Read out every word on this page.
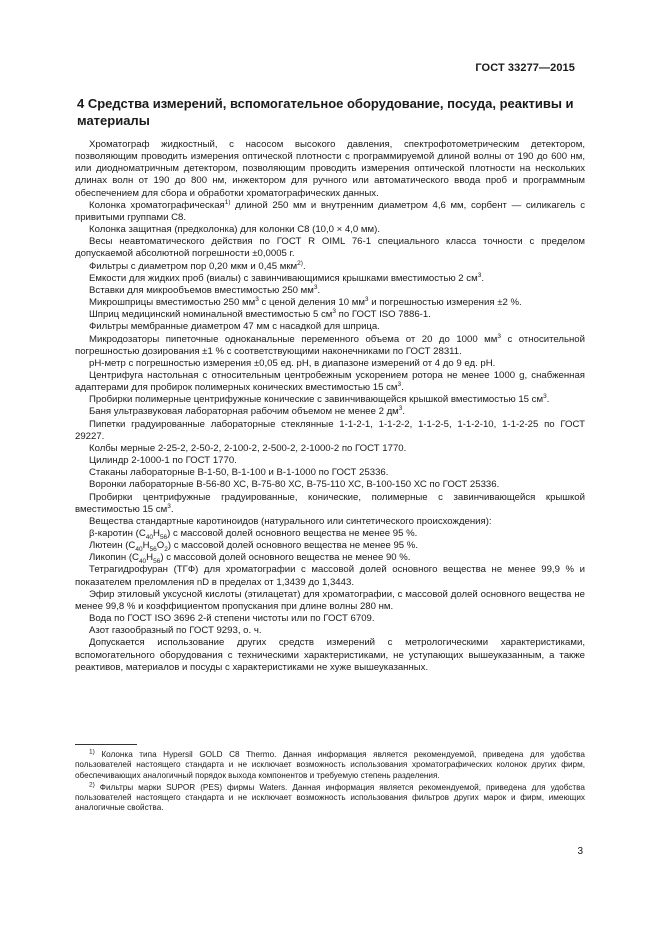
ГОСТ 33277—2015
4 Средства измерений, вспомогательное оборудование, посуда, реактивы и материалы

Хроматограф жидкостный, с насосом высокого давления, спектрофотометрическим детектором, позволяющим проводить измерения оптической плотности с программируемой длиной волны от 190 до 600 нм, или диодноматричным детектором, позволяющим проводить измерения оптической плотности на нескольких длинах волн от 190 до 800 нм, инжектором для ручного или автоматического ввода проб и программным обеспечением для сбора и обработки хроматографических данных.

Колонка хроматографическая$^{1)}$ длиной 250 мм и внутренним диаметром 4,6 мм, сорбент — силикагель с привитыми группами С8.

Колонка защитная (предколонка) для колонки С8 (10,0 × 4,0 мм).

Весы неавтоматического действия по ГОСТ R OIML 76-1 специального класса точности с пределом допускаемой абсолютной погрешности ±0,0005 г.

Фильтры с диаметром пор 0,20 мкм и 0,45 мкм$^{2)}$.

Емкости для жидких проб (виалы) с завинчивающимися крышками вместимостью 2 $см^3$.

Вставки для микрообъемов вместимостью 250 $мм^3$.

Микрошприцы вместимостью 250 $мм^3$ с ценой деления 10 $мм^3$ и погрешностью измерения ±2 %.

Шприц медицинский номинальной вместимостью 5 $см^3$ по ГОСТ ISO 7886-1.

Фильтры мембранные диаметром 47 мм с насадкой для шприца.

Микродозаторы пипеточные одноканальные переменного объема от 20 до 1000 $мм^3$ с относительной погрешностью дозирования ±1 % с соответствующими наконечниками по ГОСТ 28311.

pH-метр с погрешностью измерения ±0,05 ед. pH, в диапазоне измерений от 4 до 9 ед. pH.

Центрифуга настольная с относительным центробежным ускорением ротора не менее 1000 g, снабженная адаптерами для пробирок полимерных конических вместимостью 15 $см^3$.

Пробирки полимерные центрифужные конические с завинчивающейся крышкой вместимостью 15 $см^3$.

Баня ультразвуковая лабораторная рабочим объемом не менее 2 $дм^3$.

Пипетки градуированные лабораторные стеклянные 1-1-2-1, 1-1-2-2, 1-1-2-5, 1-1-2-10, 1-1-2-25 по ГОСТ 29227.

Колбы мерные 2-25-2, 2-50-2, 2-100-2, 2-500-2, 2-1000-2 по ГОСТ 1770.

Цилиндр 2-1000-1 по ГОСТ 1770.

Стаканы лабораторные В-1-50, В-1-100 и В-1-1000 по ГОСТ 25336.

Воронки лабораторные В-56-80 ХС, В-75-80 ХС, В-75-110 ХС, В-100-150 ХС по ГОСТ 25336.

Пробирки центрифужные градуированные, конические, полимерные с завинчивающейся крышкой вместимостью 15 $см^3$.

Вещества стандартные каротиноидов (натурального или синтетического происхождения):

β-каротин $(С_{40}Н_{56})$ с массовой долей основного вещества не менее 95 %.

Лютеин $(С_{40}Н_{56}О_2)$ с массовой долей основного вещества не менее 95 %.

Ликопин $(С_{40}Н_{56})$ с массовой долей основного вещества не менее 90 %.

Тетрагидрофуран (ТГФ) для хроматографии с массовой долей основного вещества не менее 99,9 % и показателем преломления nD в пределах от 1,3439 до 1,3443.

Эфир этиловый уксусной кислоты (этилацетат) для хроматографии, с массовой долей основного вещества не менее 99,8 % и коэффициентом пропускания при длине волны 280 нм.

Вода по ГОСТ ISO 3696 2-й степени чистоты или по ГОСТ 6709.

Азот газообразный по ГОСТ 9293, о. ч.

Допускается использование других средств измерений с метрологическими характеристиками, вспомогательного оборудования с техническими характеристиками, не уступающих вышеуказанным, а также реактивов, материалов и посуды с характеристиками не хуже вышеуказанных.

$^{1)}$ Колонка типа Hypersil GOLD C8 Thermo. Данная информация является рекомендуемой, приведена для удобства пользователей настоящего стандарта и не исключает возможность использования хроматографических колонок других фирм, обеспечивающих аналогичный порядок выхода компонентов и требуемую степень разделения.

$^{2)}$ Фильтры марки SUPOR (PES) фирмы Waters. Данная информация является рекомендуемой, приведена для удобства пользователей настоящего стандарта и не исключает возможность использования фильтров других марок и фирм, имеющих аналогичные свойства.

3
